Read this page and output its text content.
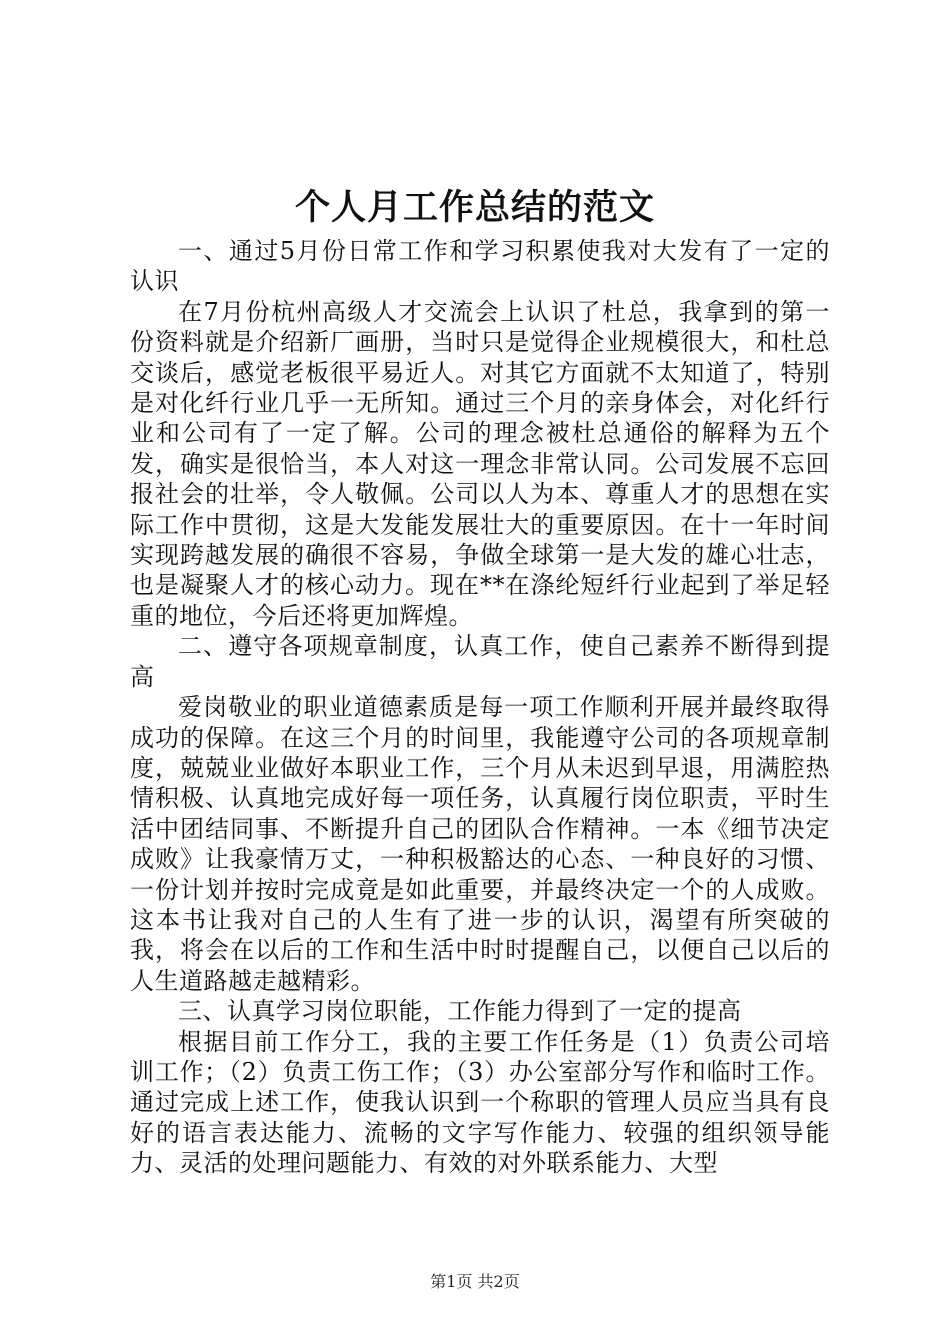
个人月工作总结的范文

一、通过5月份日常工作和学习积累使我对大发有了一定的认识

在7月份杭州高级人才交流会上认识了杜总，我拿到的第一份资料就是介绍新厂画册，当时只是觉得企业规模很大，和杜总交谈后，感觉老板很平易近人。对其它方面就不太知道了，特别是对化纤行业几乎一无所知。通过三个月的亲身体会，对化纤行业和公司有了一定了解。公司的理念被杜总通俗的解释为五个发，确实是很恰当，本人对这一理念非常认同。公司发展不忘回报社会的壮举，令人敬佩。公司以人为本、尊重人才的思想在实际工作中贯彻，这是大发能发展壮大的重要原因。在十一年时间实现跨越发展的确很不容易，争做全球第一是大发的雄心壮志，也是凝聚人才的核心动力。现在**在涤纶短纤行业起到了举足轻重的地位，今后还将更加辉煌。

二、遵守各项规章制度，认真工作，使自己素养不断得到提高

爱岗敬业的职业道德素质是每一项工作顺利开展并最终取得成功的保障。在这三个月的时间里，我能遵守公司的各项规章制度，兢兢业业做好本职业工作，三个月从未迟到早退，用满腔热情积极、认真地完成好每一项任务，认真履行岗位职责，平时生活中团结同事、不断提升自己的团队合作精神。一本《细节决定成败》让我豪情万丈，一种积极豁达的心态、一种良好的习惯、一份计划并按时完成竟是如此重要，并最终决定一个的人成败。这本书让我对自己的人生有了进一步的认识，渴望有所突破的我，将会在以后的工作和生活中时时提醒自己，以便自己以后的人生道路越走越精彩。

三、认真学习岗位职能，工作能力得到了一定的提高

根据目前工作分工，我的主要工作任务是（1）负责公司培训工作；（2）负责工伤工作；（3）办公室部分写作和临时工作。通过完成上述工作，使我认识到一个称职的管理人员应当具有良好的语言表达能力、流畅的文字写作能力、较强的组织领导能力、灵活的处理问题能力、有效的对外联系能力、大型

第1页 共2页
